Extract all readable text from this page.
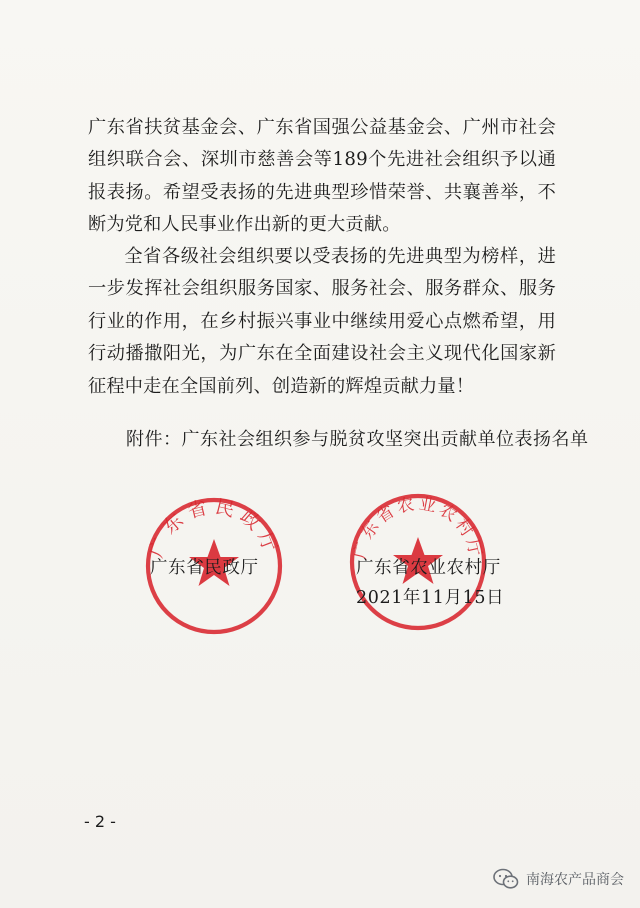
广东省扶贫基金会、广东省国强公益基金会、广州市社会组织联合会、深圳市慈善会等189个先进社会组织予以通报表扬。希望受表扬的先进典型珍惜荣誉、共襄善举，不断为党和人民事业作出新的更大贡献。

全省各级社会组织要以受表扬的先进典型为榜样，进一步发挥社会组织服务国家、服务社会、服务群众、服务行业的作用，在乡村振兴事业中继续用爱心点燃希望，用行动播撒阳光，为广东在全面建设社会主义现代化国家新征程中走在全国前列、创造新的辉煌贡献力量！

附件：广东社会组织参与脱贫攻坚突出贡献单位表扬名单
广东省民政厅	广东省农业农村厅
广东省民政厅	广东省农业农村厅
2021年11月15日
- 2 -
南海农产品商会
